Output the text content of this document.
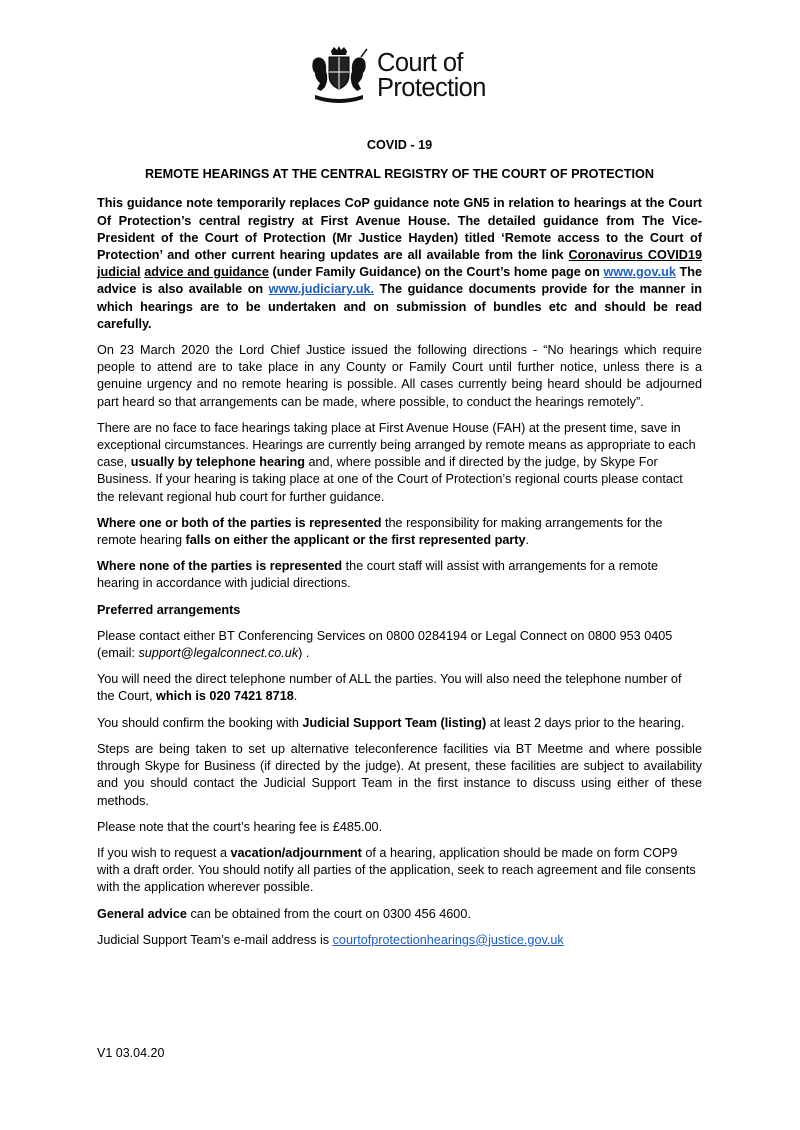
Court of
Protection

COVID - 19

REMOTE HEARINGS AT THE CENTRAL REGISTRY OF THE COURT OF PROTECTION

This guidance note temporarily replaces CoP guidance note GN5 in relation to hearings at the Court Of Protection’s central registry at First Avenue House. The detailed guidance from The Vice-President of the Court of Protection (Mr Justice Hayden) titled ‘Remote access to the Court of Protection’ and other current hearing updates are all available from the link Coronavirus COVID19 judicial advice and guidance (under Family Guidance) on the Court’s home page on www.gov.uk The advice is also available on www.judiciary.uk. The guidance documents provide for the manner in which hearings are to be undertaken and on submission of bundles etc and should be read carefully.

On 23 March 2020 the Lord Chief Justice issued the following directions - “No hearings which require people to attend are to take place in any County or Family Court until further notice, unless there is a genuine urgency and no remote hearing is possible. All cases currently being heard should be adjourned part heard so that arrangements can be made, where possible, to conduct the hearings remotely”.

There are no face to face hearings taking place at First Avenue House (FAH) at the present time, save in exceptional circumstances. Hearings are currently being arranged by remote means as appropriate to each case, usually by telephone hearing and, where possible and if directed by the judge, by Skype For Business. If your hearing is taking place at one of the Court of Protection’s regional courts please contact the relevant regional hub court for further guidance.

Where one or both of the parties is represented the responsibility for making arrangements for the remote hearing falls on either the applicant or the first represented party.

Where none of the parties is represented the court staff will assist with arrangements for a remote hearing in accordance with judicial directions.

Preferred arrangements

Please contact either BT Conferencing Services on 0800 0284194 or Legal Connect on 0800 953 0405 (email: support@legalconnect.co.uk) .

You will need the direct telephone number of ALL the parties. You will also need the telephone number of the Court, which is 020 7421 8718.

You should confirm the booking with Judicial Support Team (listing) at least 2 days prior to the hearing.

Steps are being taken to set up alternative teleconference facilities via BT Meetme and where possible through Skype for Business (if directed by the judge). At present, these facilities are subject to availability and you should contact the Judicial Support Team in the first instance to discuss using either of these methods.

Please note that the court’s hearing fee is £485.00.

If you wish to request a vacation/adjournment of a hearing, application should be made on form COP9 with a draft order. You should notify all parties of the application, seek to reach agreement and file consents with the application wherever possible.

General advice can be obtained from the court on 0300 456 4600.

Judicial Support Team’s e-mail address is courtofprotectionhearings@justice.gov.uk

V1 03.04.20
